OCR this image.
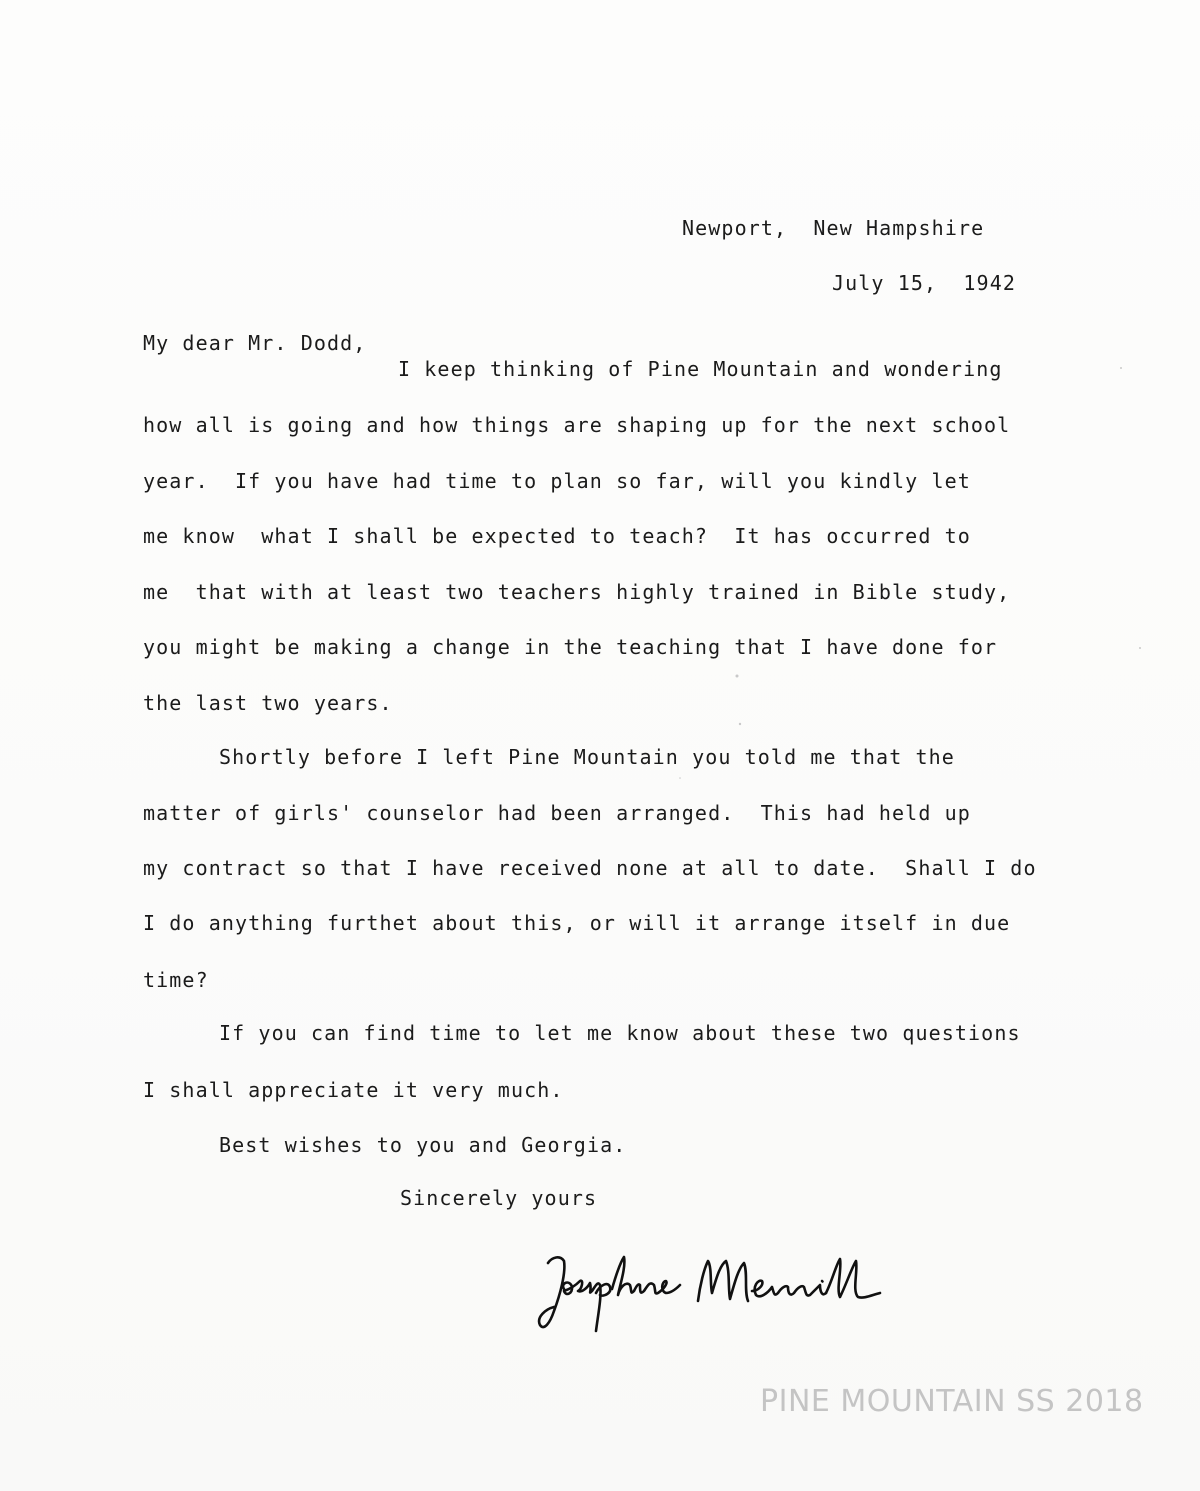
Newport,  New Hampshire
July 15,  1942
My dear Mr. Dodd,
I keep thinking of Pine Mountain and wondering
how all is going and how things are shaping up for the next school
year.  If you have had time to plan so far, will you kindly let
me know  what I shall be expected to teach?  It has occurred to
me  that with at least two teachers highly trained in Bible study,
you might be making a change in the teaching that I have done for
the last two years.
Shortly before I left Pine Mountain you told me that the
matter of girls' counselor had been arranged.  This had held up
my contract so that I have received none at all to date.  Shall I do
I do anything furthet about this, or will it arrange itself in due
time?
If you can find time to let me know about these two questions
I shall appreciate it very much.
Best wishes to you and Georgia.
Sincerely yours
PINE MOUNTAIN SS 2018
